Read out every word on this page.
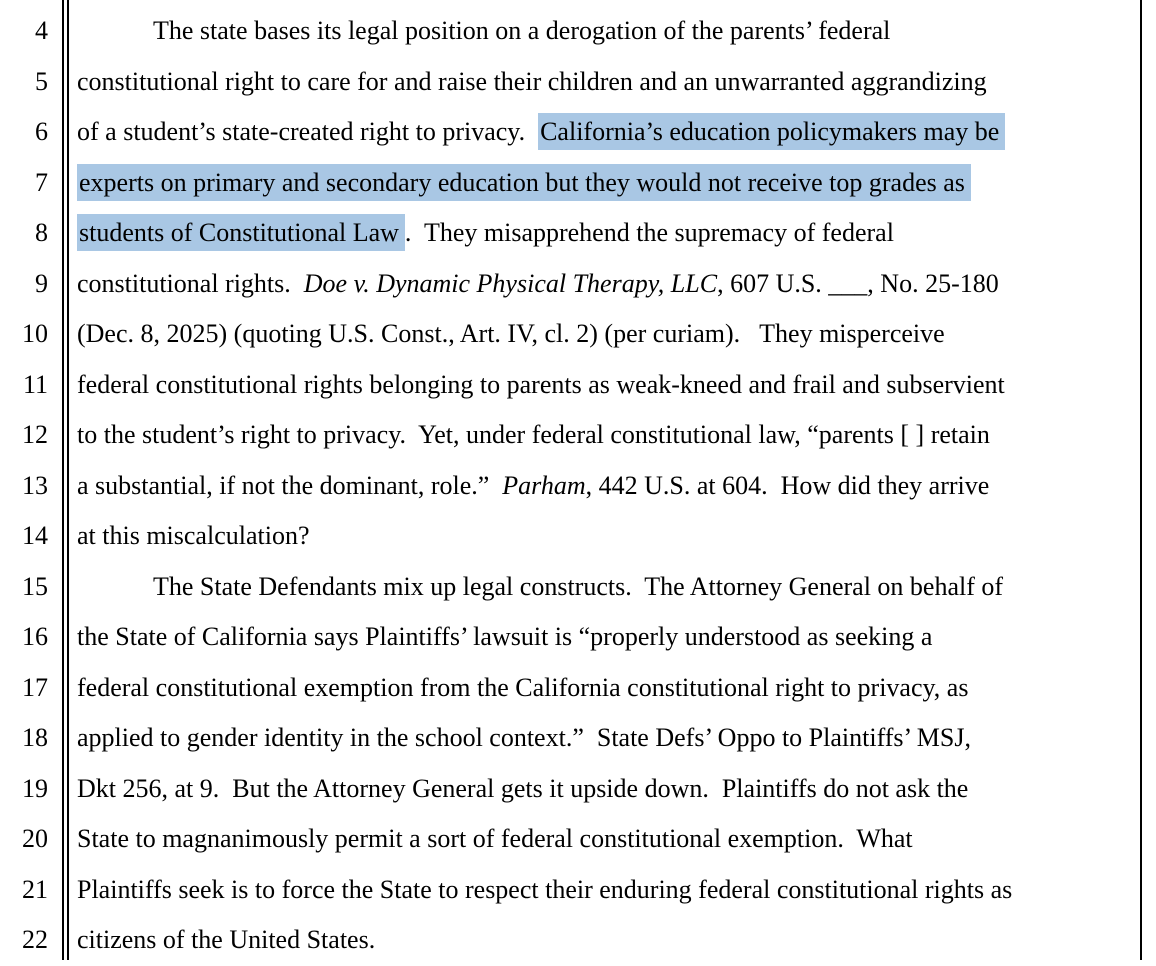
4
5
6
7
8
9
10
11
12
13
14
15
16
17
18
19
20
21
22
The state bases its legal position on a derogation of the parents’ federal
constitutional right to care for and raise their children and an unwarranted aggrandizing
of a student’s state-created right to privacy.  California’s education policymakers may be
experts on primary and secondary education but they would not receive top grades as
students of Constitutional Law .  They misapprehend the supremacy of federal
constitutional rights.  Doe v. Dynamic Physical Therapy, LLC, 607 U.S. ___, No. 25-180
(Dec. 8, 2025) (quoting U.S. Const., Art. IV, cl. 2) (per curiam).   They misperceive
federal constitutional rights belonging to parents as weak-kneed and frail and subservient
to the student’s right to privacy.  Yet, under federal constitutional law, “parents [ ] retain
a substantial, if not the dominant, role.”  Parham, 442 U.S. at 604.  How did they arrive
at this miscalculation?
The State Defendants mix up legal constructs.  The Attorney General on behalf of
the State of California says Plaintiffs’ lawsuit is “properly understood as seeking a
federal constitutional exemption from the California constitutional right to privacy, as
applied to gender identity in the school context.”  State Defs’ Oppo to Plaintiffs’ MSJ,
Dkt 256, at 9.  But the Attorney General gets it upside down.  Plaintiffs do not ask the
State to magnanimously permit a sort of federal constitutional exemption.  What
Plaintiffs seek is to force the State to respect their enduring federal constitutional rights as
citizens of the United States.
